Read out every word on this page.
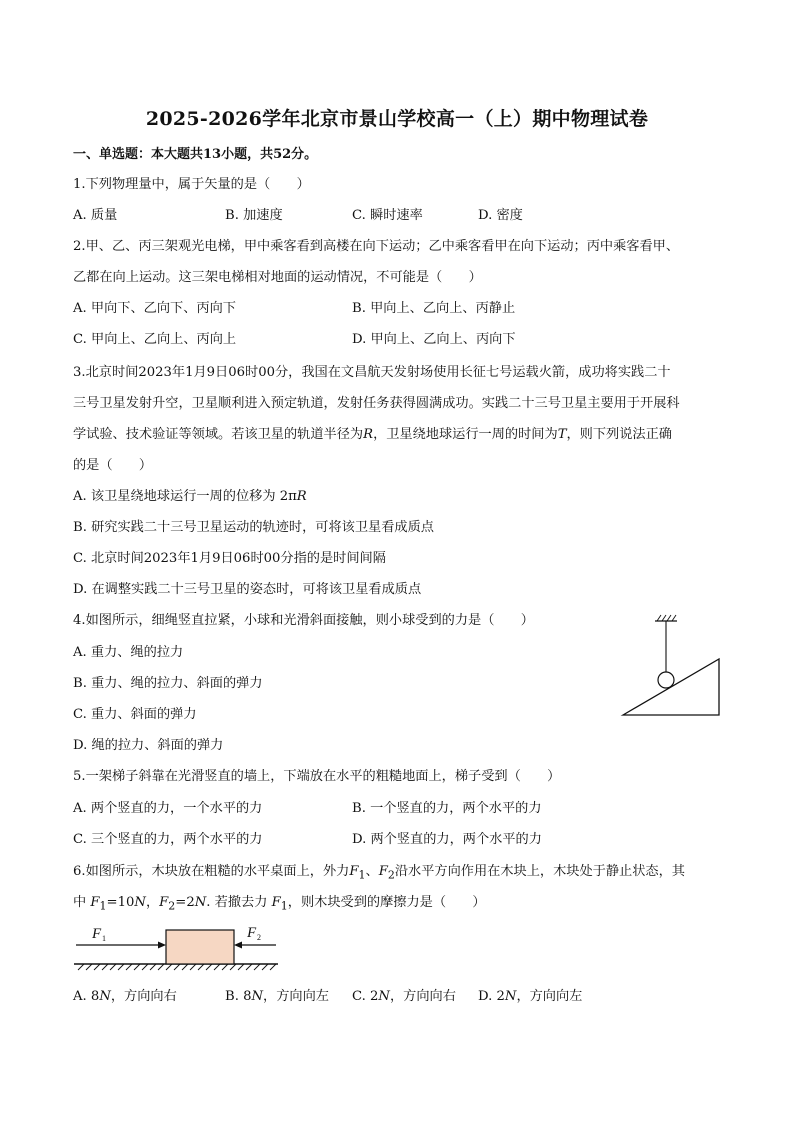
2025-2026学年北京市景山学校高一（上）期中物理试卷
一、单选题：本大题共13小题，共52分。
1.下列物理量中，属于矢量的是（　　）
A. 质量	B. 加速度	C. 瞬时速率	D. 密度
2.甲、乙、丙三架观光电梯，甲中乘客看到高楼在向下运动；乙中乘客看甲在向下运动；丙中乘客看甲、
乙都在向上运动。这三架电梯相对地面的运动情况，不可能是（　　）
A. 甲向下、乙向下、丙向下	B. 甲向上、乙向上、丙静止
C. 甲向上、乙向上、丙向上	D. 甲向上、乙向上、丙向下
3.北京时间2023年1月9日06时00分，我国在文昌航天发射场使用长征七号运载火箭，成功将实践二十
三号卫星发射升空，卫星顺利进入预定轨道，发射任务获得圆满成功。实践二十三号卫星主要用于开展科
学试验、技术验证等领域。若该卫星的轨道半径为R，卫星绕地球运行一周的时间为T，则下列说法正确
的是（　　）
A. 该卫星绕地球运行一周的位移为 2πR
B. 研究实践二十三号卫星运动的轨迹时，可将该卫星看成质点
C. 北京时间2023年1月9日06时00分指的是时间间隔
D. 在调整实践二十三号卫星的姿态时，可将该卫星看成质点
4.如图所示，细绳竖直拉紧，小球和光滑斜面接触，则小球受到的力是（　　）
A. 重力、绳的拉力
B. 重力、绳的拉力、斜面的弹力
C. 重力、斜面的弹力
D. 绳的拉力、斜面的弹力
5.一架梯子斜靠在光滑竖直的墙上，下端放在水平的粗糙地面上，梯子受到（　　）
A. 两个竖直的力，一个水平的力	B. 一个竖直的力，两个水平的力
C. 三个竖直的力，两个水平的力	D. 两个竖直的力，两个水平的力
6.如图所示，木块放在粗糙的水平桌面上，外力$F_1$、$F_2$沿水平方向作用在木块上，木块处于静止状态，其
中 $F_1=10N$，$F_2=2N$. 若撤去力 $F_1$，则木块受到的摩擦力是（　　）
F 1	F 2
A. 8N，方向向右	B. 8N，方向向左 C. 2N，方向向右 D. 2N，方向向左
